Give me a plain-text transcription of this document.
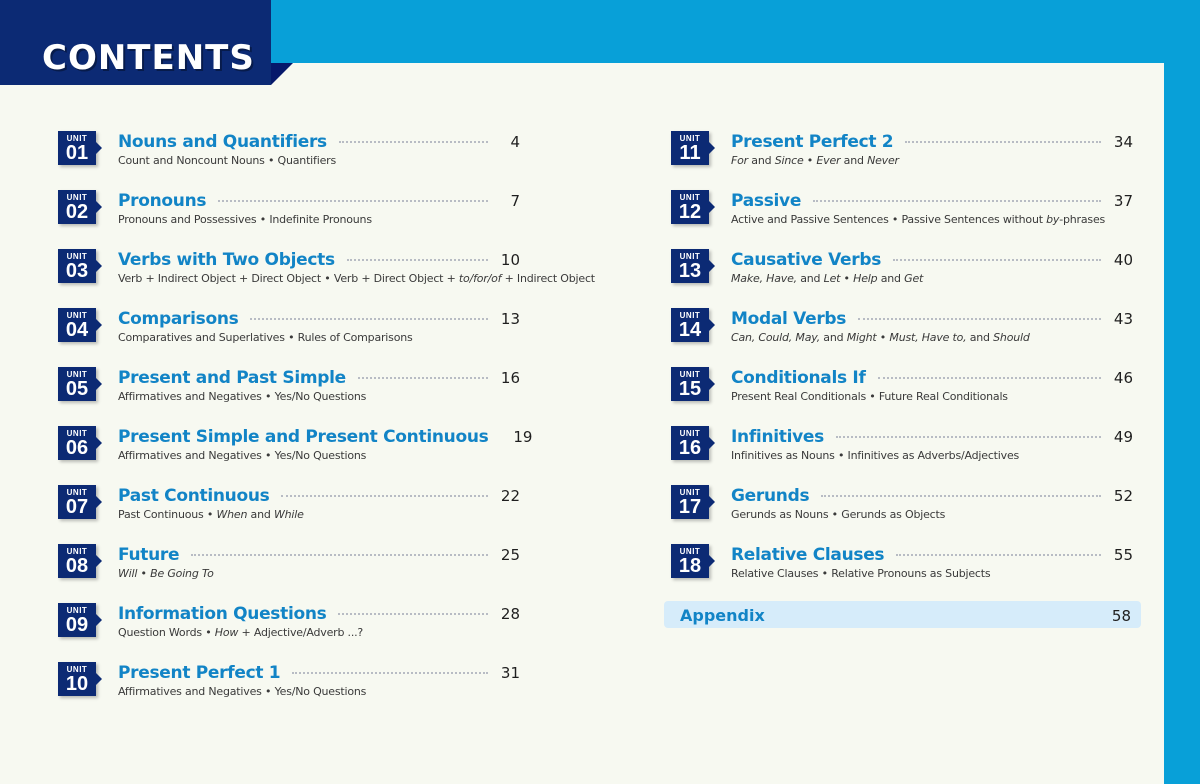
CONTENTS
UNIT
01	Nouns and Quantifiers	4
Count and Noncount Nouns • Quantifiers
UNIT
02	Pronouns	7
Pronouns and Possessives • Indefinite Pronouns
UNIT
03	Verbs with Two Objects	10
Verb + Indirect Object + Direct Object • Verb + Direct Object + to/for/of + Indirect Object
UNIT
04	Comparisons	13
Comparatives and Superlatives • Rules of Comparisons
UNIT
05	Present and Past Simple	16
Affirmatives and Negatives • Yes/No Questions
UNIT
06	Present Simple and Present Continuous 19
Affirmatives and Negatives • Yes/No Questions
UNIT
07	Past Continuous	22
Past Continuous • When and While
UNIT
08	Future	25
Will • Be Going To
UNIT
09	Information Questions	28
Question Words • How + Adjective/Adverb ...?
UNIT
10	Present Perfect 1	31
Affirmatives and Negatives • Yes/No Questions
UNIT
11	Present Perfect 2	34
For and Since • Ever and Never
UNIT
12	Passive	37
Active and Passive Sentences • Passive Sentences without by-phrases
UNIT
13	Causative Verbs	40
Make, Have, and Let • Help and Get
UNIT
14	Modal Verbs	43
Can, Could, May, and Might • Must, Have to, and Should
UNIT
15	Conditionals If	46
Present Real Conditionals • Future Real Conditionals
UNIT
16	Infinitives	49
Infinitives as Nouns • Infinitives as Adverbs/Adjectives
UNIT
17	Gerunds	52
Gerunds as Nouns • Gerunds as Objects
UNIT
18	Relative Clauses	55
Relative Clauses • Relative Pronouns as Subjects
Appendix	58
